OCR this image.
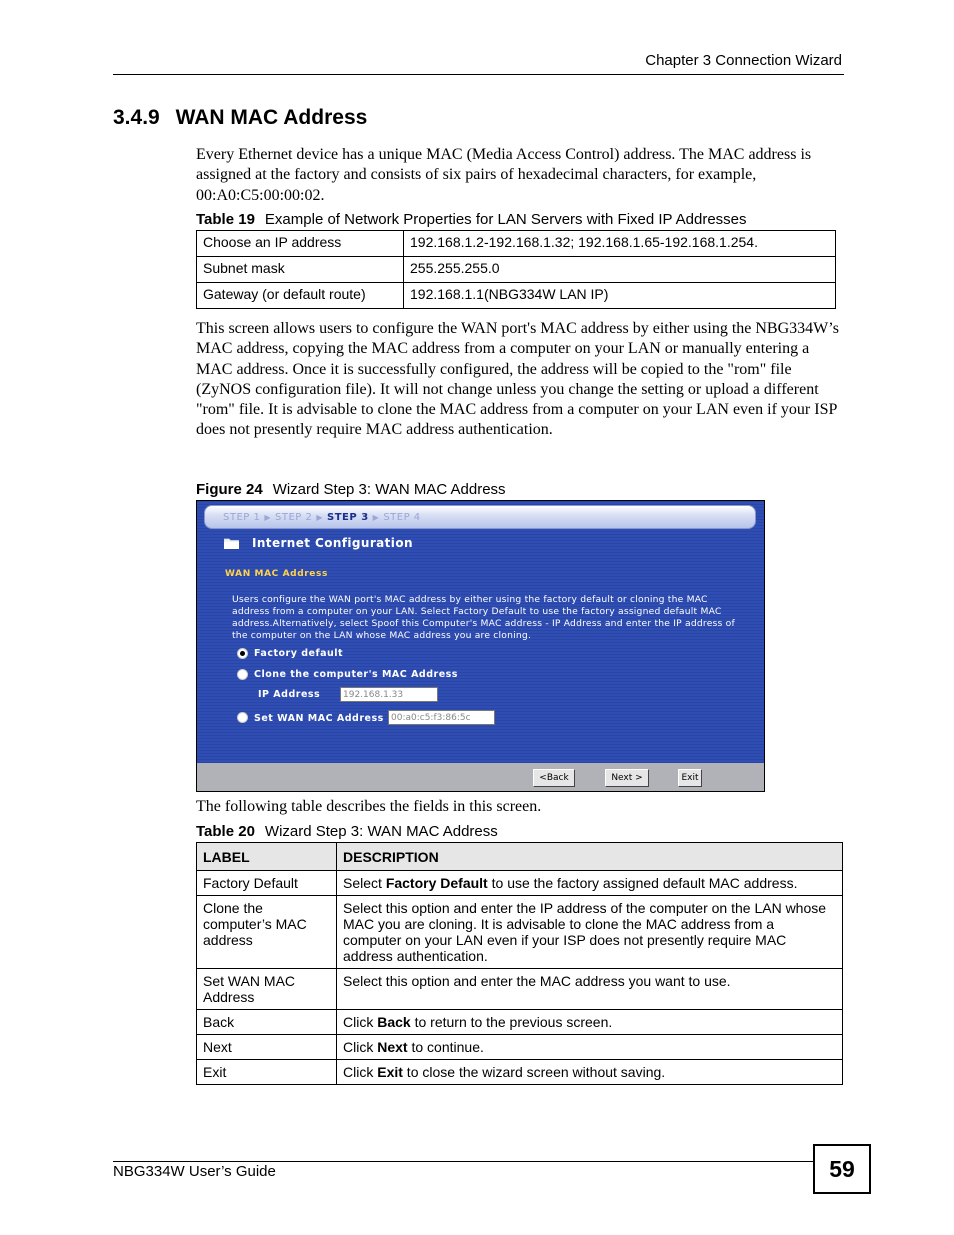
Chapter 3 Connection Wizard
3.4.9 WAN MAC Address
Every Ethernet device has a unique MAC (Media Access Control) address. The MAC address is assigned at the factory and consists of six pairs of hexadecimal characters, for example, 00:A0:C5:00:00:02.
Table 19 Example of Network Properties for LAN Servers with Fixed IP Addresses
Choose an IP address	192.168.1.2-192.168.1.32; 192.168.1.65-192.168.1.254.
Subnet mask	255.255.255.0
Gateway (or default route)	192.168.1.1(NBG334W LAN IP)
This screen allows users to configure the WAN port's MAC address by either using the NBG334W’s MAC address, copying the MAC address from a computer on your LAN or manually entering a MAC address. Once it is successfully configured, the address will be copied to the "rom" file (ZyNOS configuration file). It will not change unless you change the setting or upload a different "rom" file. It is advisable to clone the MAC address from a computer on your LAN even if your ISP does not presently require MAC address authentication.
Figure 24 Wizard Step 3: WAN MAC Address
STEP 1 ▶ STEP 2 ▶ STEP 3 ▶ STEP 4
Internet Configuration
WAN MAC Address
Users configure the WAN port's MAC address by either using the factory default or cloning the MAC address from a computer on your LAN. Select Factory Default to use the factory assigned default MAC address.Alternatively, select Spoof this Computer's MAC address - IP Address and enter the IP address of the computer on the LAN whose MAC address you are cloning.
Factory default
Clone the computer's MAC Address
IP Address	192.168.1.33
Set WAN MAC Address 00:a0:c5:f3:86:5c
<Back	Next >	Exit
The following table describes the fields in this screen.
Table 20 Wizard Step 3: WAN MAC Address
LABEL	DESCRIPTION
Factory Default	Select Factory Default to use the factory assigned default MAC address.
Clone the computer’s MAC address	Select this option and enter the IP address of the computer on the LAN whose MAC you are cloning. It is advisable to clone the MAC address from a computer on your LAN even if your ISP does not presently require MAC address authentication.
Set WAN MAC Address	Select this option and enter the MAC address you want to use.
Back	Click Back to return to the previous screen.
Next	Click Next to continue.
Exit	Click Exit to close the wizard screen without saving.
NBG334W User’s Guide	59
